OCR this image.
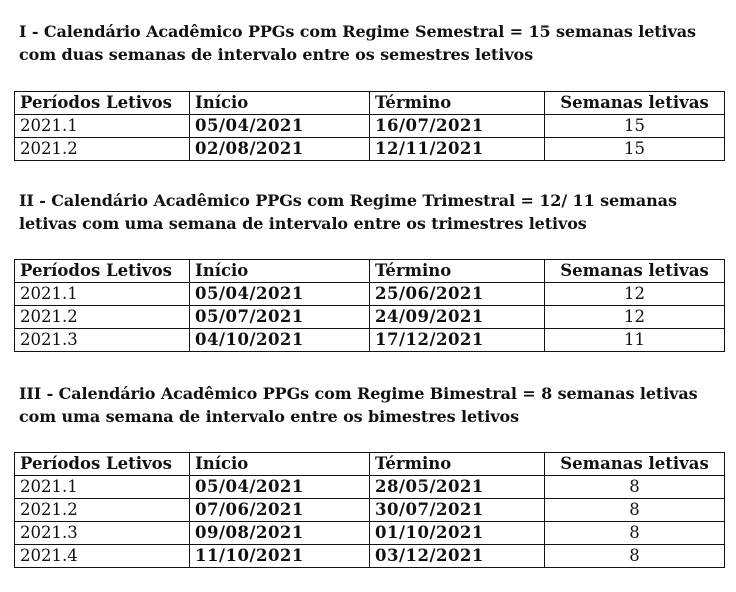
I - Calendário Acadêmico PPGs com Regime Semestral = 15 semanas letivas com duas semanas de intervalo entre os semestres letivos
Períodos Letivos	Início	Término	Semanas letivas
2021.1	05/04/2021	16/07/2021	15
2021.2	02/08/2021	12/11/2021	15
II - Calendário Acadêmico PPGs com Regime Trimestral = 12/ 11 semanas letivas com uma semana de intervalo entre os trimestres letivos
Períodos Letivos	Início	Término	Semanas letivas
2021.1	05/04/2021	25/06/2021	12
2021.2	05/07/2021	24/09/2021	12
2021.3	04/10/2021	17/12/2021	11
III - Calendário Acadêmico PPGs com Regime Bimestral = 8 semanas letivas com uma semana de intervalo entre os bimestres letivos
Períodos Letivos	Início	Término	Semanas letivas
2021.1	05/04/2021	28/05/2021	8
2021.2	07/06/2021	30/07/2021	8
2021.3	09/08/2021	01/10/2021	8
2021.4	11/10/2021	03/12/2021	8
